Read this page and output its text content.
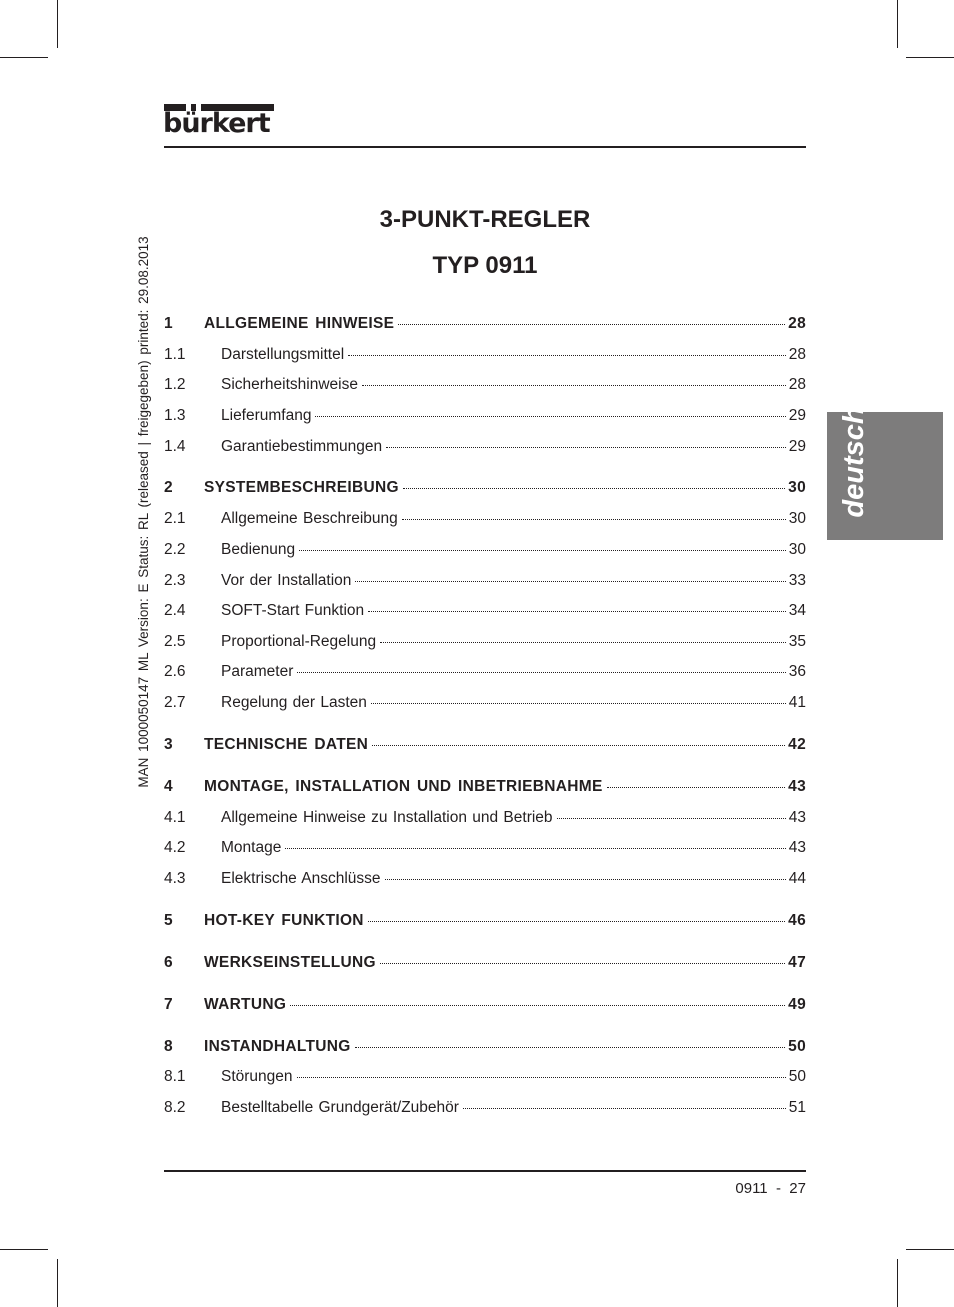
bürkert
MAN 1000050147 ML Version: E Status: RL (released | freigegeben) printed: 29.08.2013	deutsch
3-PUNKT-REGLER
TYP 0911
1 ALLGEMEINE HINWEISE	28
1.1 Darstellungsmittel	28
1.2 Sicherheitshinweise	28
1.3 Lieferumfang	29
1.4 Garantiebestimmungen	29
2 SYSTEMBESCHREIBUNG	30
2.1 Allgemeine Beschreibung	30
2.2 Bedienung	30
2.3 Vor der Installation	33
2.4 SOFT-Start Funktion	34
2.5 Proportional-Regelung	35
2.6 Parameter	36
2.7 Regelung der Lasten	41
3 TECHNISCHE DATEN	42
4 MONTAGE, INSTALLATION UND INBETRIEBNAHME	43
4.1 Allgemeine Hinweise zu Installation und Betrieb	43
4.2 Montage	43
4.3 Elektrische Anschlüsse	44
5 HOT-KEY FUNKTION	46
6 WERKSEINSTELLUNG	47
7 WARTUNG	49
8 INSTANDHALTUNG	50
8.1 Störungen	50
8.2 Bestelltabelle Grundgerät/Zubehör	51
0911  -  27
